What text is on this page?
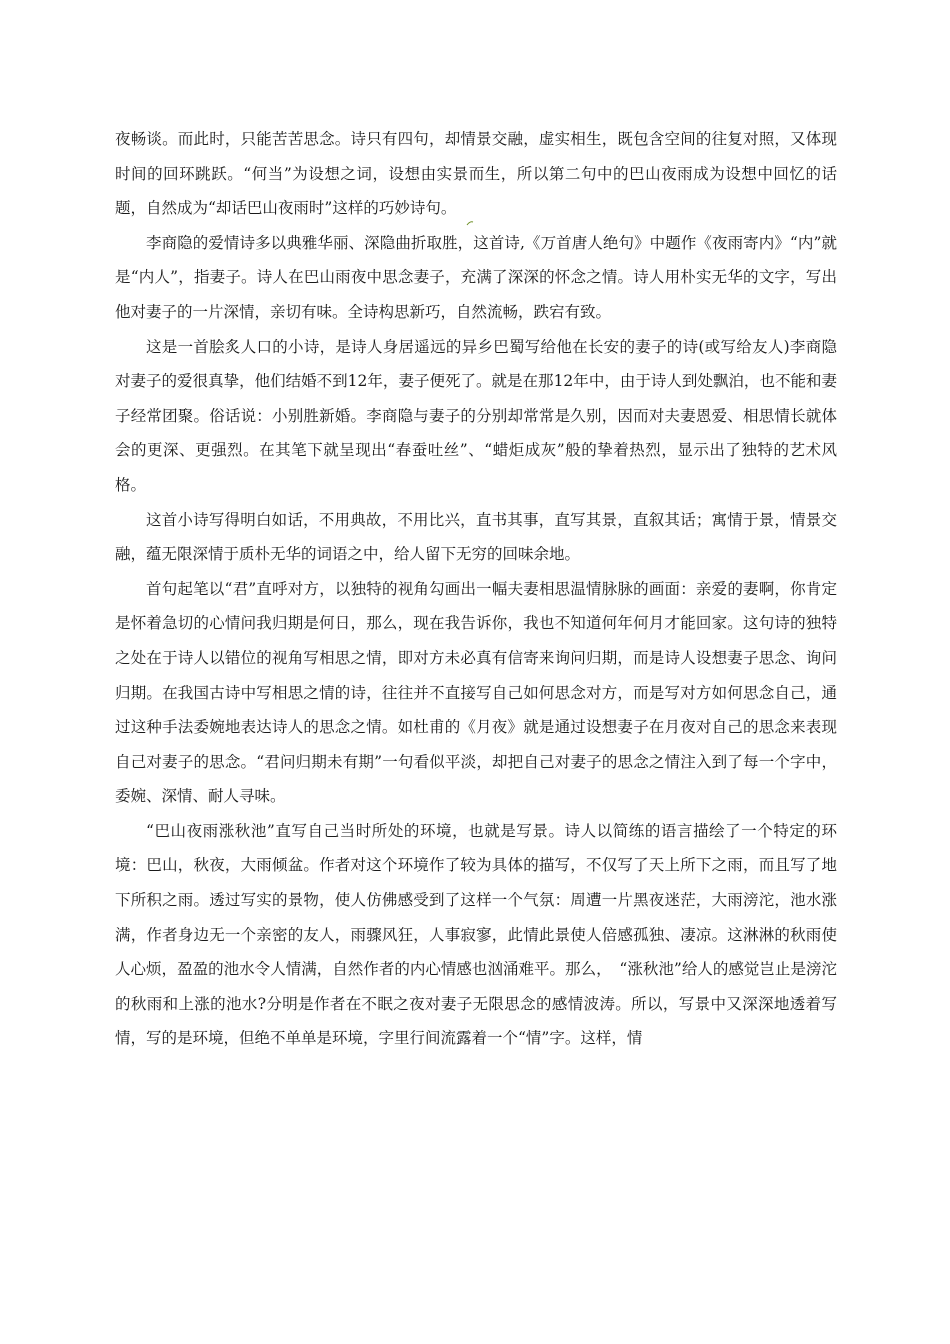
夜畅谈。而此时，只能苦苦思念。诗只有四句，却情景交融，虚实相生，既包含空间的往复对照，又体现时间的回环跳跃。“何当”为设想之词，设想由实景而生，所以第二句中的巴山夜雨成为设想中回忆的话题，自然成为“却话巴山夜雨时”这样的巧妙诗句。

李商隐的爱情诗多以典雅华丽、深隐曲折取胜，这首诗,《万首唐人绝句》中题作《夜雨寄内》“内”就是“内人”，指妻子。诗人在巴山雨夜中思念妻子，充满了深深的怀念之情。诗人用朴实无华的文字，写出他对妻子的一片深情，亲切有味。全诗构思新巧，自然流畅，跌宕有致。

这是一首脍炙人口的小诗，是诗人身居遥远的异乡巴蜀写给他在长安的妻子的诗(或写给友人)李商隐对妻子的爱很真挚，他们结婚不到12年，妻子便死了。就是在那12年中，由于诗人到处飘泊，也不能和妻子经常团聚。俗话说：小别胜新婚。李商隐与妻子的分别却常常是久别，因而对夫妻恩爱、相思情长就体会的更深、更强烈。在其笔下就呈现出“春蚕吐丝”、“蜡炬成灰”般的挚着热烈，显示出了独特的艺术风格。

这首小诗写得明白如话，不用典故，不用比兴，直书其事，直写其景，直叙其话；寓情于景，情景交融，蕴无限深情于质朴无华的词语之中，给人留下无穷的回味余地。

首句起笔以“君”直呼对方，以独特的视角勾画出一幅夫妻相思温情脉脉的画面：亲爱的妻啊，你肯定是怀着急切的心情问我归期是何日，那么，现在我告诉你，我也不知道何年何月才能回家。这句诗的独特之处在于诗人以错位的视角写相思之情，即对方未必真有信寄来询问归期，而是诗人设想妻子思念、询问归期。在我国古诗中写相思之情的诗，往往并不直接写自己如何思念对方，而是写对方如何思念自己，通过这种手法委婉地表达诗人的思念之情。如杜甫的《月夜》就是通过设想妻子在月夜对自己的思念来表现自己对妻子的思念。“君问归期未有期”一句看似平淡，却把自己对妻子的思念之情注入到了每一个字中，委婉、深情、耐人寻味。

“巴山夜雨涨秋池”直写自己当时所处的环境，也就是写景。诗人以简练的语言描绘了一个特定的环境：巴山，秋夜，大雨倾盆。作者对这个环境作了较为具体的描写，不仅写了天上所下之雨，而且写了地下所积之雨。透过写实的景物，使人仿佛感受到了这样一个气氛：周遭一片黑夜迷茫，大雨滂沱，池水涨满，作者身边无一个亲密的友人，雨骤风狂，人事寂寥，此情此景使人倍感孤独、凄凉。这淋淋的秋雨使人心烦，盈盈的池水令人情满，自然作者的内心情感也汹涌难平。那么，　“涨秋池”给人的感觉岂止是滂沱的秋雨和上涨的池水?分明是作者在不眠之夜对妻子无限思念的感情波涛。所以，写景中又深深地透着写情，写的是环境，但绝不单单是环境，字里行间流露着一个“情”字。这样，情
